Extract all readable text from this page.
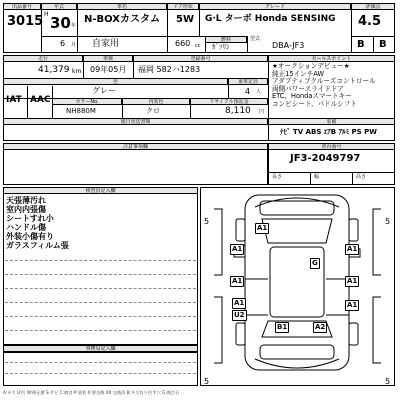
出品番号
3015
年式
H 30 年
6 月
車名
N-BOXカスタム
自家用
ドア形状
5W
660 cc
燃料
ｶﾞｿﾘﾝ
グレード
G·L ターボ Honda SENSING
型式
DBA-JF3
評価点
4.5
B B
走行
41,379 km
車検
09年05月
登録番号
福岡 582ハ1283
色
グレー
乗車定員
4 人
IAT AAC	カラーNo.
NH880M
内装色
クロ
リサイクル預託金
8,110 円
後日発送書類
セールスポイント
★オークションデビュー★
純正15インチAW
アダプティブクルーズコントロール
両側パワースライドドア
ETC、Hondaスマートキー
コンビシート、パドルシフト
装備
ﾅﾋﾞ TV ABS ｴｱB ｱﾙﾐ PS PW
注意事項欄	車台番号
JF3-2049797
長さ	幅	高さ
検査員記入欄
天張薄汚れ
室内内張傷
シートすれ小
ハンドル傷
外装小傷有り
ガラスフィルム張
事務局記入欄
5
5
5
5
A1
A1	A1
G
A1	A1
A1
U2
A1
B1	A2
A:キズ U:凹 W:修正歴 S:サビ C:腐食 P:塗装 X:要交換 XX:交換済 B:キズ有り凹 Y:穴 G:飛び石
